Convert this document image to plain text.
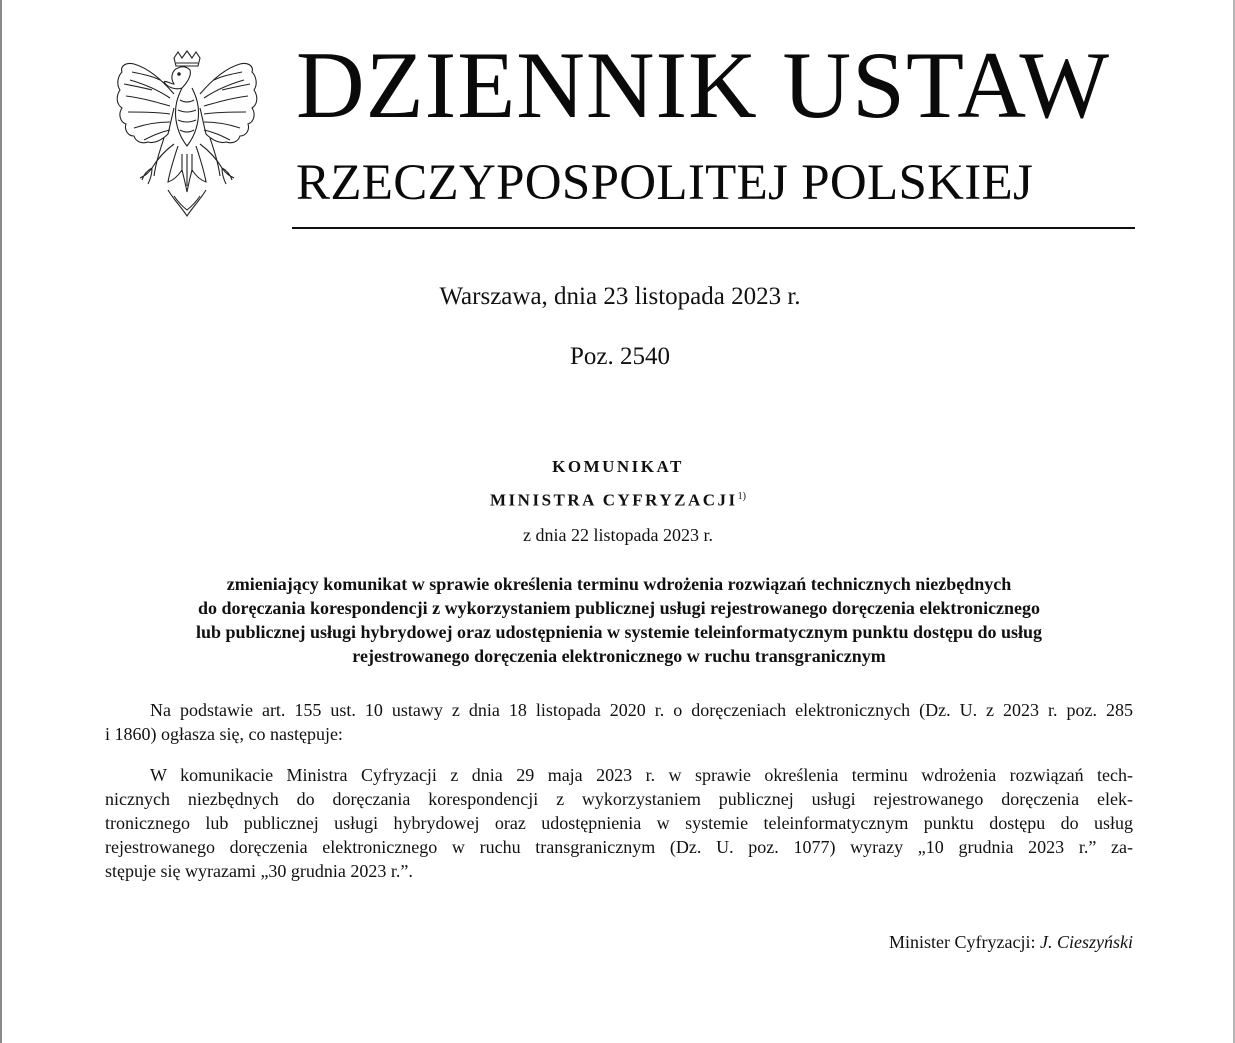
DZIENNIK USTAW
RZECZYPOSPOLITEJ POLSKIEJ
Warszawa, dnia 23 listopada 2023 r.
Poz. 2540
KOMUNIKAT
MINISTRA CYFRYZACJI$^{1)}$
z dnia 22 listopada 2023 r.
zmieniający komunikat w sprawie określenia terminu wdrożenia rozwiązań technicznych niezbędnych
do doręczania korespondencji z wykorzystaniem publicznej usługi rejestrowanego doręczenia elektronicznego
lub publicznej usługi hybrydowej oraz udostępnienia w systemie teleinformatycznym punktu dostępu do usług
rejestrowanego doręczenia elektronicznego w ruchu transgranicznym
Na podstawie art. 155 ust. 10 ustawy z dnia 18 listopada 2020 r. o doręczeniach elektronicznych (Dz. U. z 2023 r. poz. 285
i 1860) ogłasza się, co następuje:
W komunikacie Ministra Cyfryzacji z dnia 29 maja 2023 r. w sprawie określenia terminu wdrożenia rozwiązań tech-
nicznych niezbędnych do doręczania korespondencji z wykorzystaniem publicznej usługi rejestrowanego doręczenia elek-
tronicznego lub publicznej usługi hybrydowej oraz udostępnienia w systemie teleinformatycznym punktu dostępu do usług
rejestrowanego doręczenia elektronicznego w ruchu transgranicznym (Dz. U. poz. 1077) wyrazy „10 grudnia 2023 r.” za-
stępuje się wyrazami „30 grudnia 2023 r.”.
Minister Cyfryzacji: J. Cieszyński
